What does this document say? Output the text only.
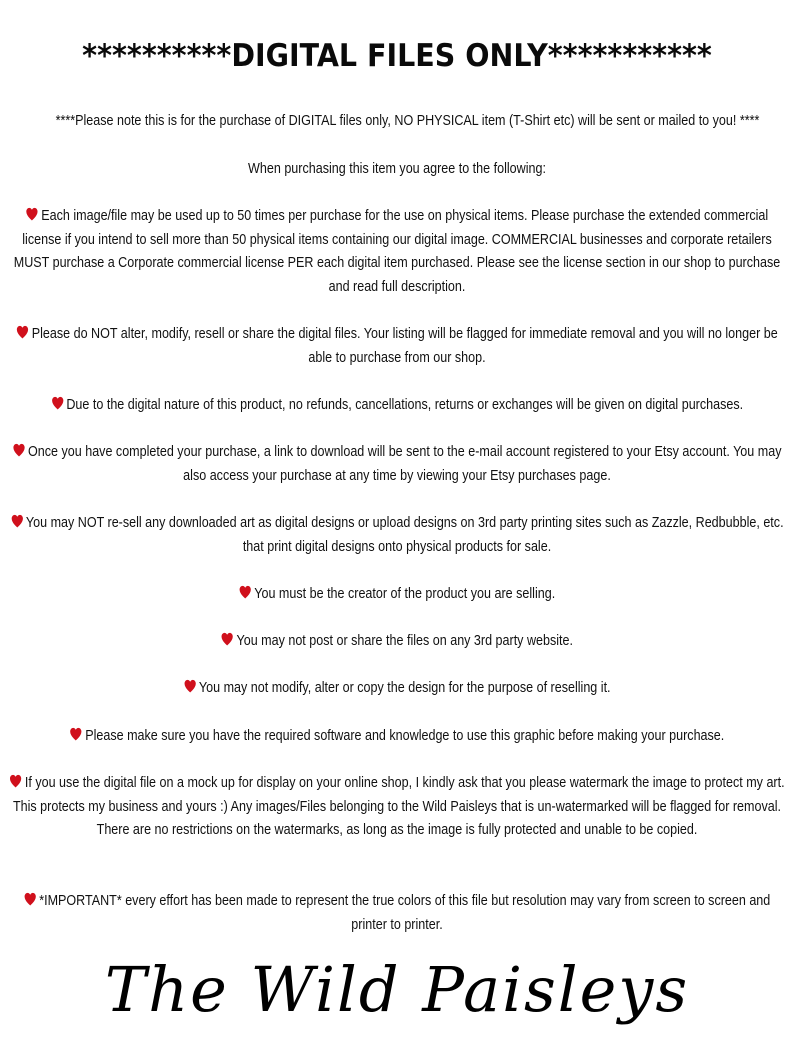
**********DIGITAL FILES ONLY***********
****Please note this is for the purchase of DIGITAL files only, NO PHYSICAL item (T-Shirt etc) will be sent or mailed to you! ****
When purchasing this item you agree to the following:
Each image/file may be used up to 50 times per purchase for the use on physical items. Please purchase the extended commercial license if you intend to sell more than 50 physical items containing our digital image. COMMERCIAL businesses and corporate retailers MUST purchase a Corporate commercial license PER each digital item purchased. Please see the license section in our shop to purchase and read full description.
Please do NOT alter, modify, resell or share the digital files. Your listing will be flagged for immediate removal and you will no longer be able to purchase from our shop.
Due to the digital nature of this product, no refunds, cancellations, returns or exchanges will be given on digital purchases.
Once you have completed your purchase, a link to download will be sent to the e-mail account registered to your Etsy account. You may also access your purchase at any time by viewing your Etsy purchases page.
You may NOT re-sell any downloaded art as digital designs or upload designs on 3rd party printing sites such as Zazzle, Redbubble, etc. that print digital designs onto physical products for sale.
You must be the creator of the product you are selling.
You may not post or share the files on any 3rd party website.
You may not modify, alter or copy the design for the purpose of reselling it.
Please make sure you have the required software and knowledge to use this graphic before making your purchase.
If you use the digital file on a mock up for display on your online shop, I kindly ask that you please watermark the image to protect my art. This protects my business and yours :) Any images/Files belonging to the Wild Paisleys that is un-watermarked will be flagged for removal. There are no restrictions on the watermarks, as long as the image is fully protected and unable to be copied.
*IMPORTANT* every effort has been made to represent the true colors of this file but resolution may vary from screen to screen and printer to printer.
The Wild Paisleys
